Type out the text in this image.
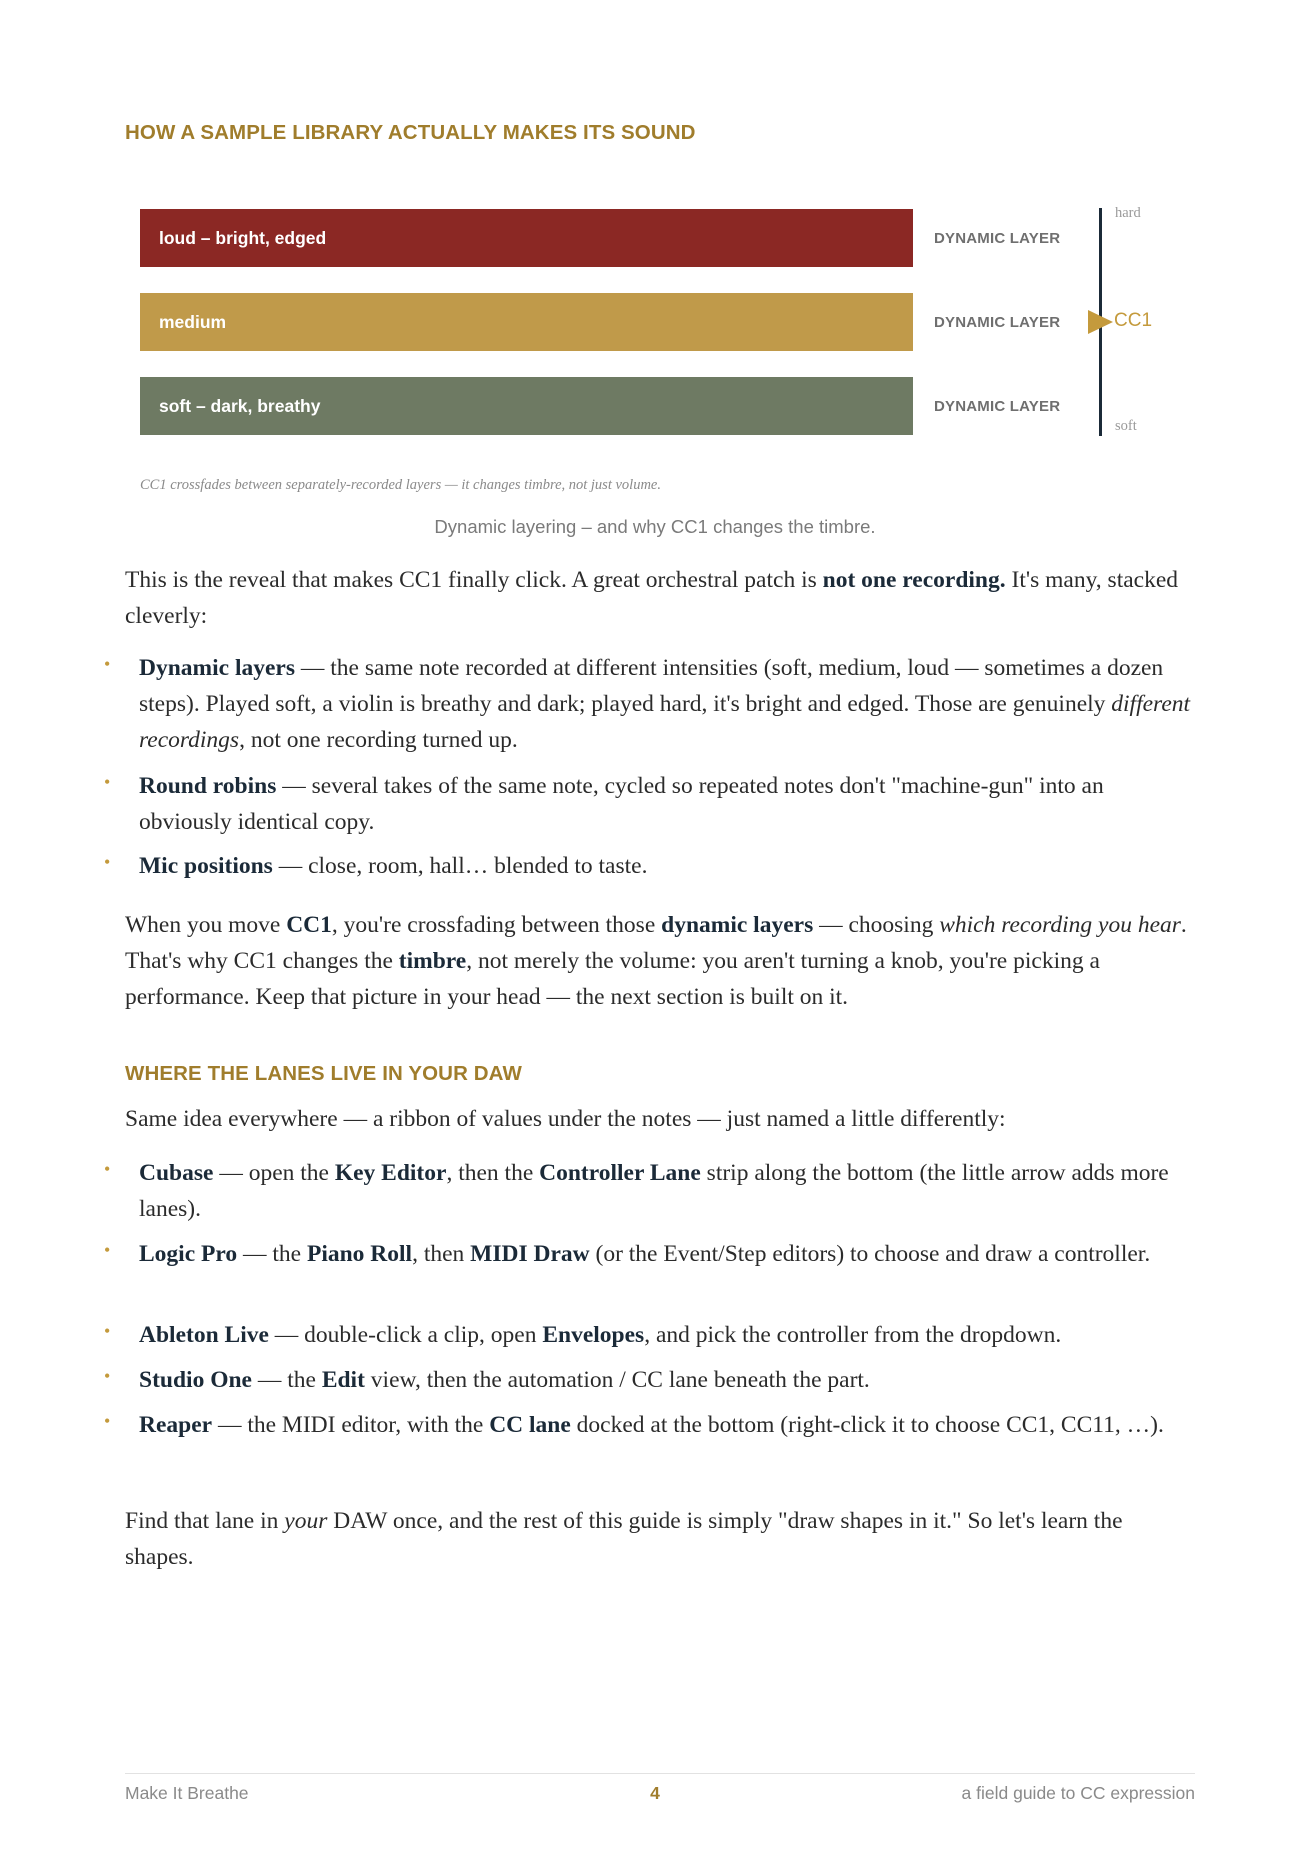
HOW A SAMPLE LIBRARY ACTUALLY MAKES ITS SOUND
loud – bright, edged	DYNAMIC LAYER
medium	DYNAMIC LAYER
soft – dark, breathy	DYNAMIC LAYER
hard
soft
CC1
CC1 crossfades between separately-recorded layers — it changes timbre, not just volume.
Dynamic layering – and why CC1 changes the timbre.
This is the reveal that makes CC1 finally click. A great orchestral patch is not one recording. It's many, stacked cleverly:
• Dynamic layers — the same note recorded at different intensities (soft, medium, loud — sometimes a dozen steps). Played soft, a violin is breathy and dark; played hard, it's bright and edged. Those are genuinely different recordings, not one recording turned up.
• Round robins — several takes of the same note, cycled so repeated notes don't "machine-gun" into an obviously identical copy.
• Mic positions — close, room, hall… blended to taste.
When you move CC1, you're crossfading between those dynamic layers — choosing which recording you hear. That's why CC1 changes the timbre, not merely the volume: you aren't turning a knob, you're picking a performance. Keep that picture in your head — the next section is built on it.
WHERE THE LANES LIVE IN YOUR DAW
Same idea everywhere — a ribbon of values under the notes — just named a little differently:
• Cubase — open the Key Editor, then the Controller Lane strip along the bottom (the little arrow adds more lanes).
• Logic Pro — the Piano Roll, then MIDI Draw (or the Event/Step editors) to choose and draw a controller.
• Ableton Live — double-click a clip, open Envelopes, and pick the controller from the dropdown.
• Studio One — the Edit view, then the automation / CC lane beneath the part.
• Reaper — the MIDI editor, with the CC lane docked at the bottom (right-click it to choose CC1, CC11, …).
Find that lane in your DAW once, and the rest of this guide is simply "draw shapes in it." So let's learn the shapes.
Make It Breathe	4	a field guide to CC expression
